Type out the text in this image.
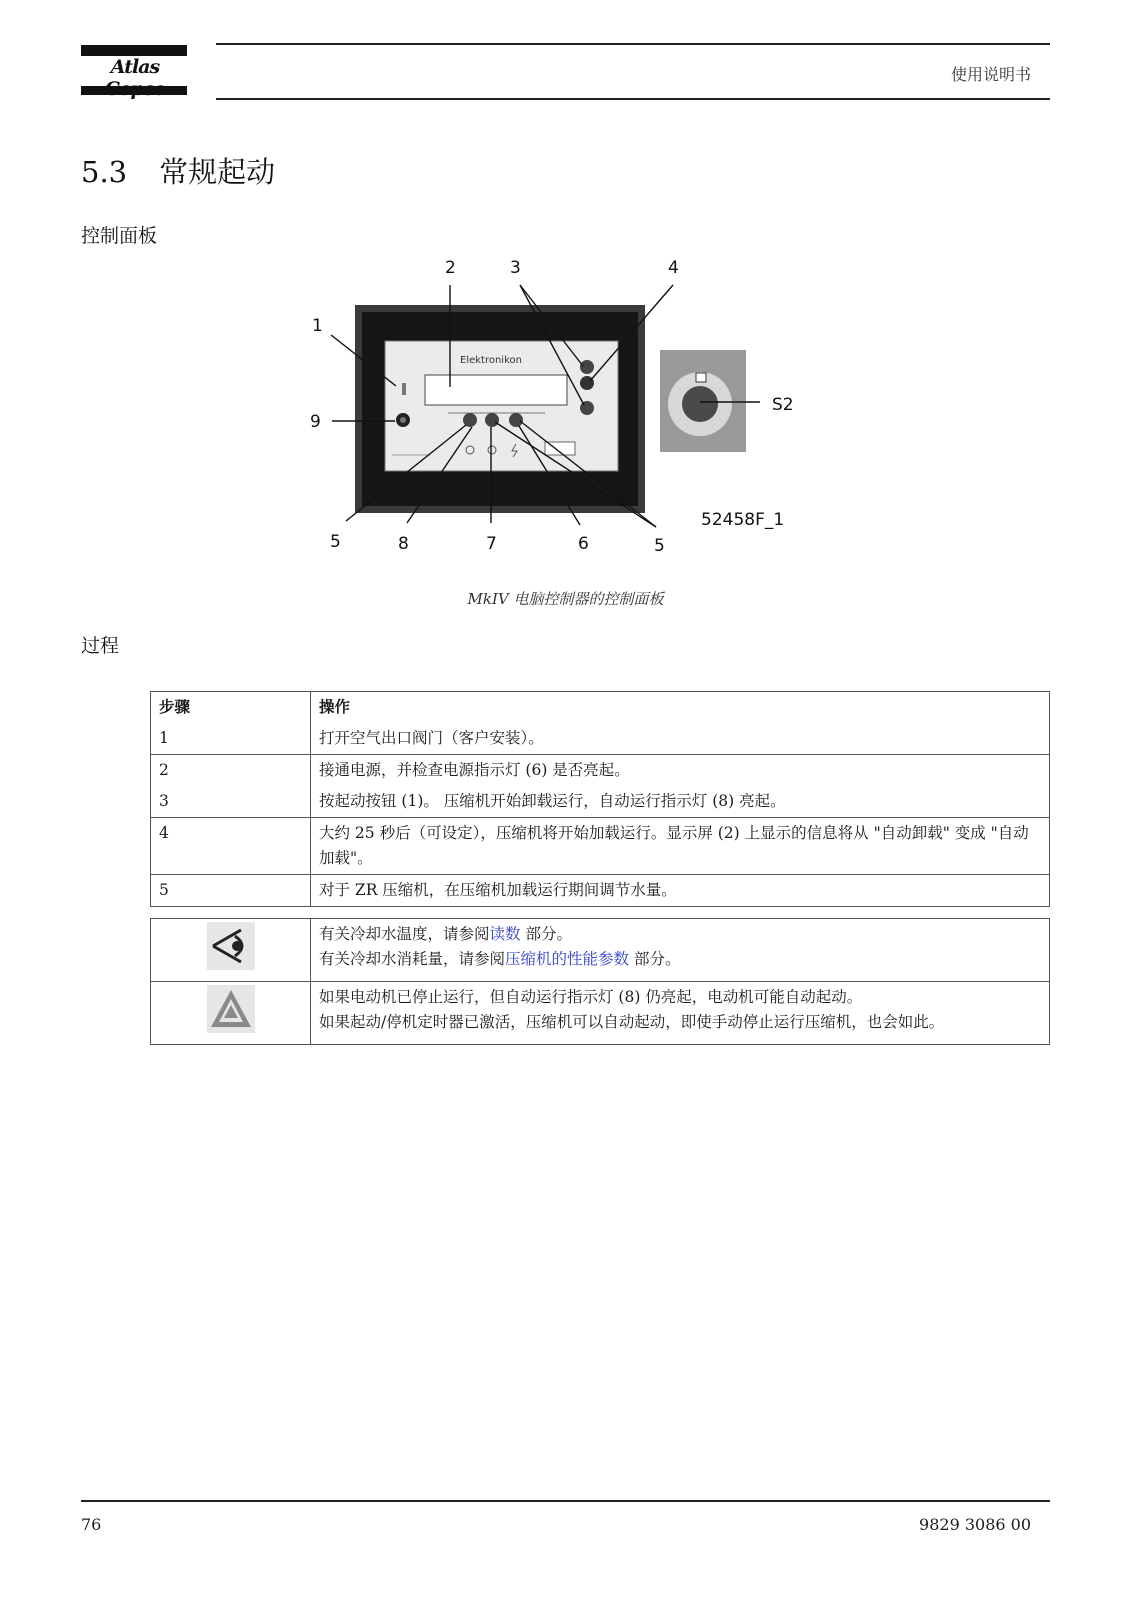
Atlas	使用说明书
5.3 常规起动
控制面板
Elektronikon
1
2	3	4
9
S2
5	8	7	6	5
52458F_1
MkIV 电脑控制器的控制面板
过程
步骤	操作
1	打开空气出口阀门（客户安装）。
2	接通电源，并检查电源指示灯 (6) 是否亮起。
3	按起动按钮 (1)。 压缩机开始卸载运行，自动运行指示灯 (8) 亮起。
4	大约 25 秒后（可设定），压缩机将开始加载运行。显示屏 (2) 上显示的信息将从 "自动卸载" 变成 "自动加载"。
5	对于 ZR 压缩机，在压缩机加载运行期间调节水量。

有关冷却水温度，请参阅读数 部分。
有关冷却水消耗量，请参阅压缩机的性能参数 部分。

如果电动机已停止运行，但自动运行指示灯 (8) 仍亮起，电动机可能自动起动。
如果起动/停机定时器已激活，压缩机可以自动起动，即使手动停止运行压缩机，也会如此。
76	9829 3086 00
